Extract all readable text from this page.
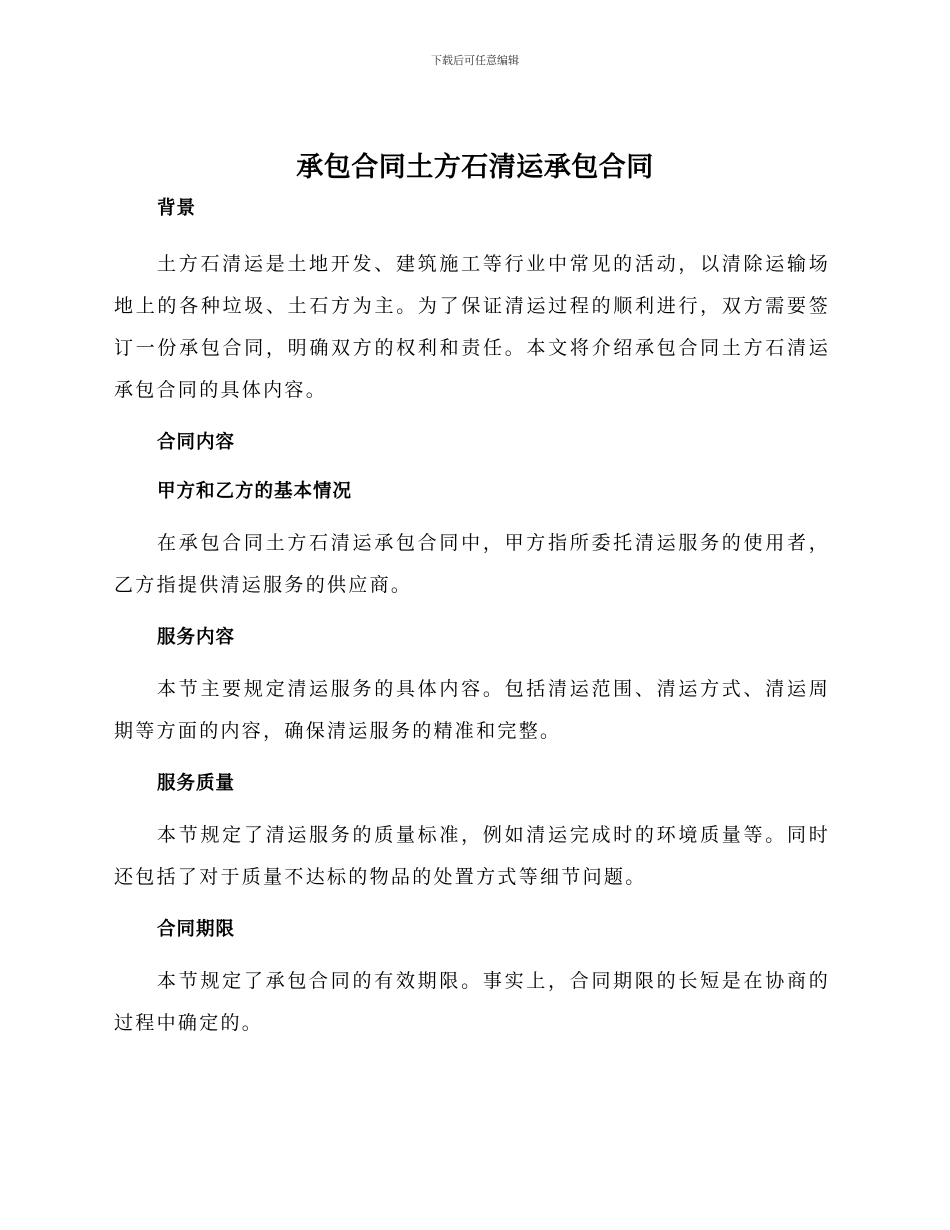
下载后可任意编辑
承包合同土方石清运承包合同
背景

土方石清运是土地开发、建筑施工等行业中常见的活动，以清除运输场地上的各种垃圾、土石方为主。为了保证清运过程的顺利进行，双方需要签订一份承包合同，明确双方的权利和责任。本文将介绍承包合同土方石清运承包合同的具体内容。

合同内容
甲方和乙方的基本情况

在承包合同土方石清运承包合同中，甲方指所委托清运服务的使用者，乙方指提供清运服务的供应商。

服务内容

本节主要规定清运服务的具体内容。包括清运范围、清运方式、清运周期等方面的内容，确保清运服务的精准和完整。

服务质量

本节规定了清运服务的质量标准，例如清运完成时的环境质量等。同时还包括了对于质量不达标的物品的处置方式等细节问题。

合同期限

本节规定了承包合同的有效期限。事实上，合同期限的长短是在协商的过程中确定的。
